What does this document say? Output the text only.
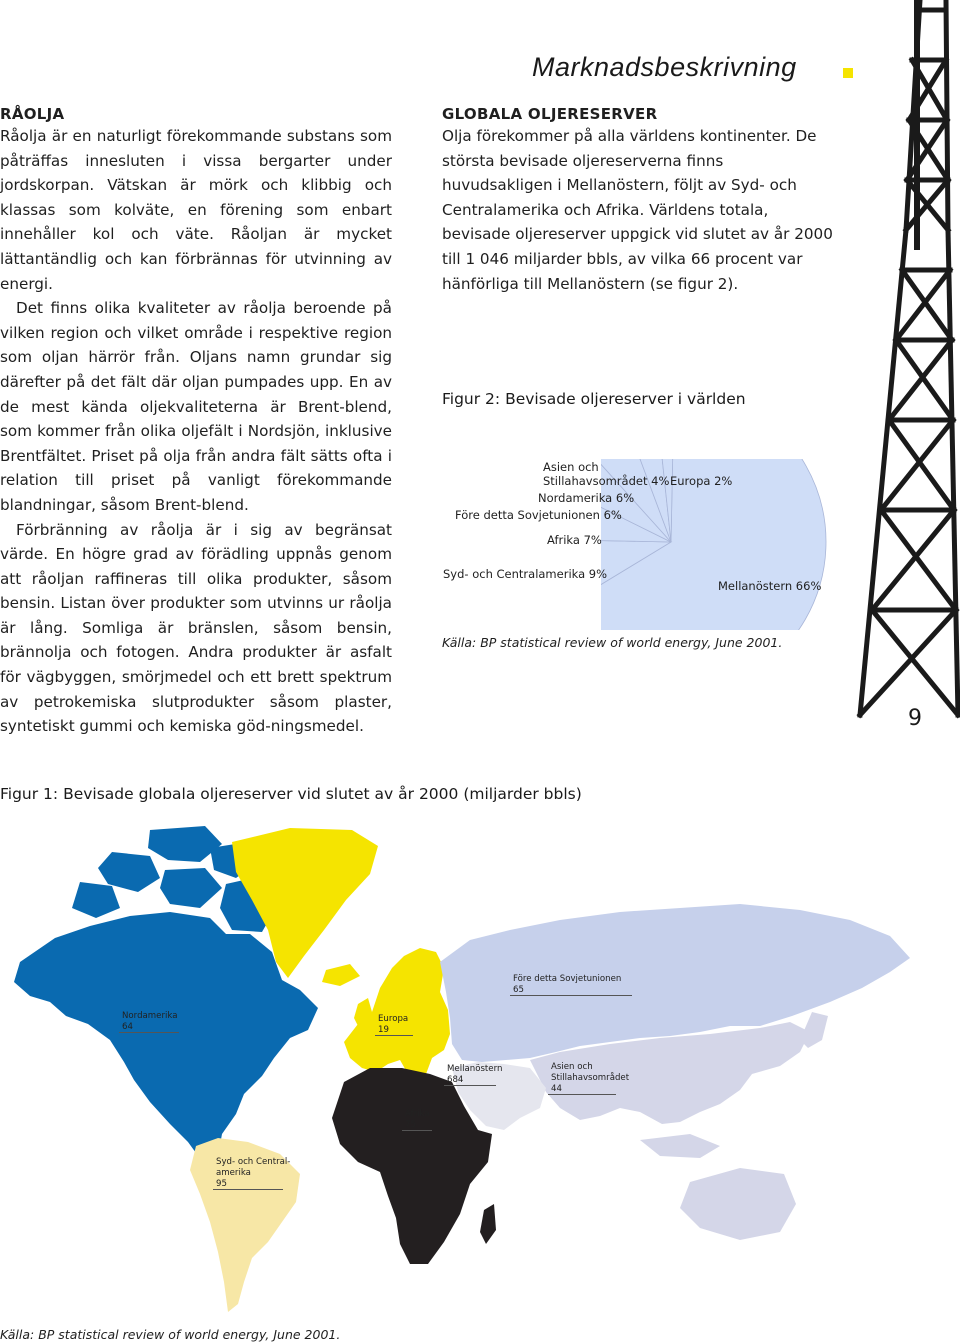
Marknadsbeskrivning
RÅOLJA

Råolja är en naturligt förekommande substans som påträffas innesluten i vissa bergarter under jordskorpan. Vätskan är mörk och klibbig och klassas som kolväte, en förening som enbart innehåller kol och väte. Råoljan är mycket lättantändlig och kan förbrännas för utvinning av energi.

Det finns olika kvaliteter av råolja beroende på vilken region och vilket område i respektive region som oljan härrör från. Oljans namn grundar sig därefter på det fält där oljan pumpades upp. En av de mest kända oljekvaliteterna är Brent-blend, som kommer från olika oljefält i Nordsjön, inklusive Brentfältet. Priset på olja från andra fält sätts ofta i relation till priset på vanligt förekommande blandningar, såsom Brent-blend.

Förbränning av råolja är i sig av begränsat värde. En högre grad av förädling uppnås genom att råoljan raffineras till olika produkter, såsom bensin. Listan över produkter som utvinns ur råolja är lång. Somliga är bränslen, såsom bensin, brännolja och fotogen. Andra produkter är asfalt för vägbyggen, smörjmedel och ett brett spektrum av petrokemiska slutprodukter såsom plaster, syntetiskt gummi och kemiska göd-ningsmedel.

GLOBALA OLJERESERVER

Olja förekommer på alla världens kontinenter. De största bevisade oljereserverna finns huvudsakligen i Mellanöstern, följt av Syd- och Centralamerika och Afrika. Världens totala, bevisade oljereserver uppgick vid slutet av år 2000 till 1 046 miljarder bbls, av vilka 66 procent var hänförliga till Mellanöstern (se figur 2).

Figur 2: Bevisade oljereserver i världen
Asien och
Stillahavsområdet 4% Europa 2%
Nordamerika 6%
Före detta Sovjetunionen 6%
Afrika 7%
Syd- och Centralamerika 9%
Mellanöstern 66%
Källa: BP statistical review of world energy, June 2001.
9
Figur 1: Bevisade globala oljereserver vid slutet av år 2000 (miljarder bbls)
Före detta Sovjetunionen
65
Nordamerika
64
Europa
19
Mellanöstern
684
Asien och
Stillahavsområdet
44
Afrika
75
Syd- och Central-
amerika
95
Källa: BP statistical review of world energy, June 2001.
